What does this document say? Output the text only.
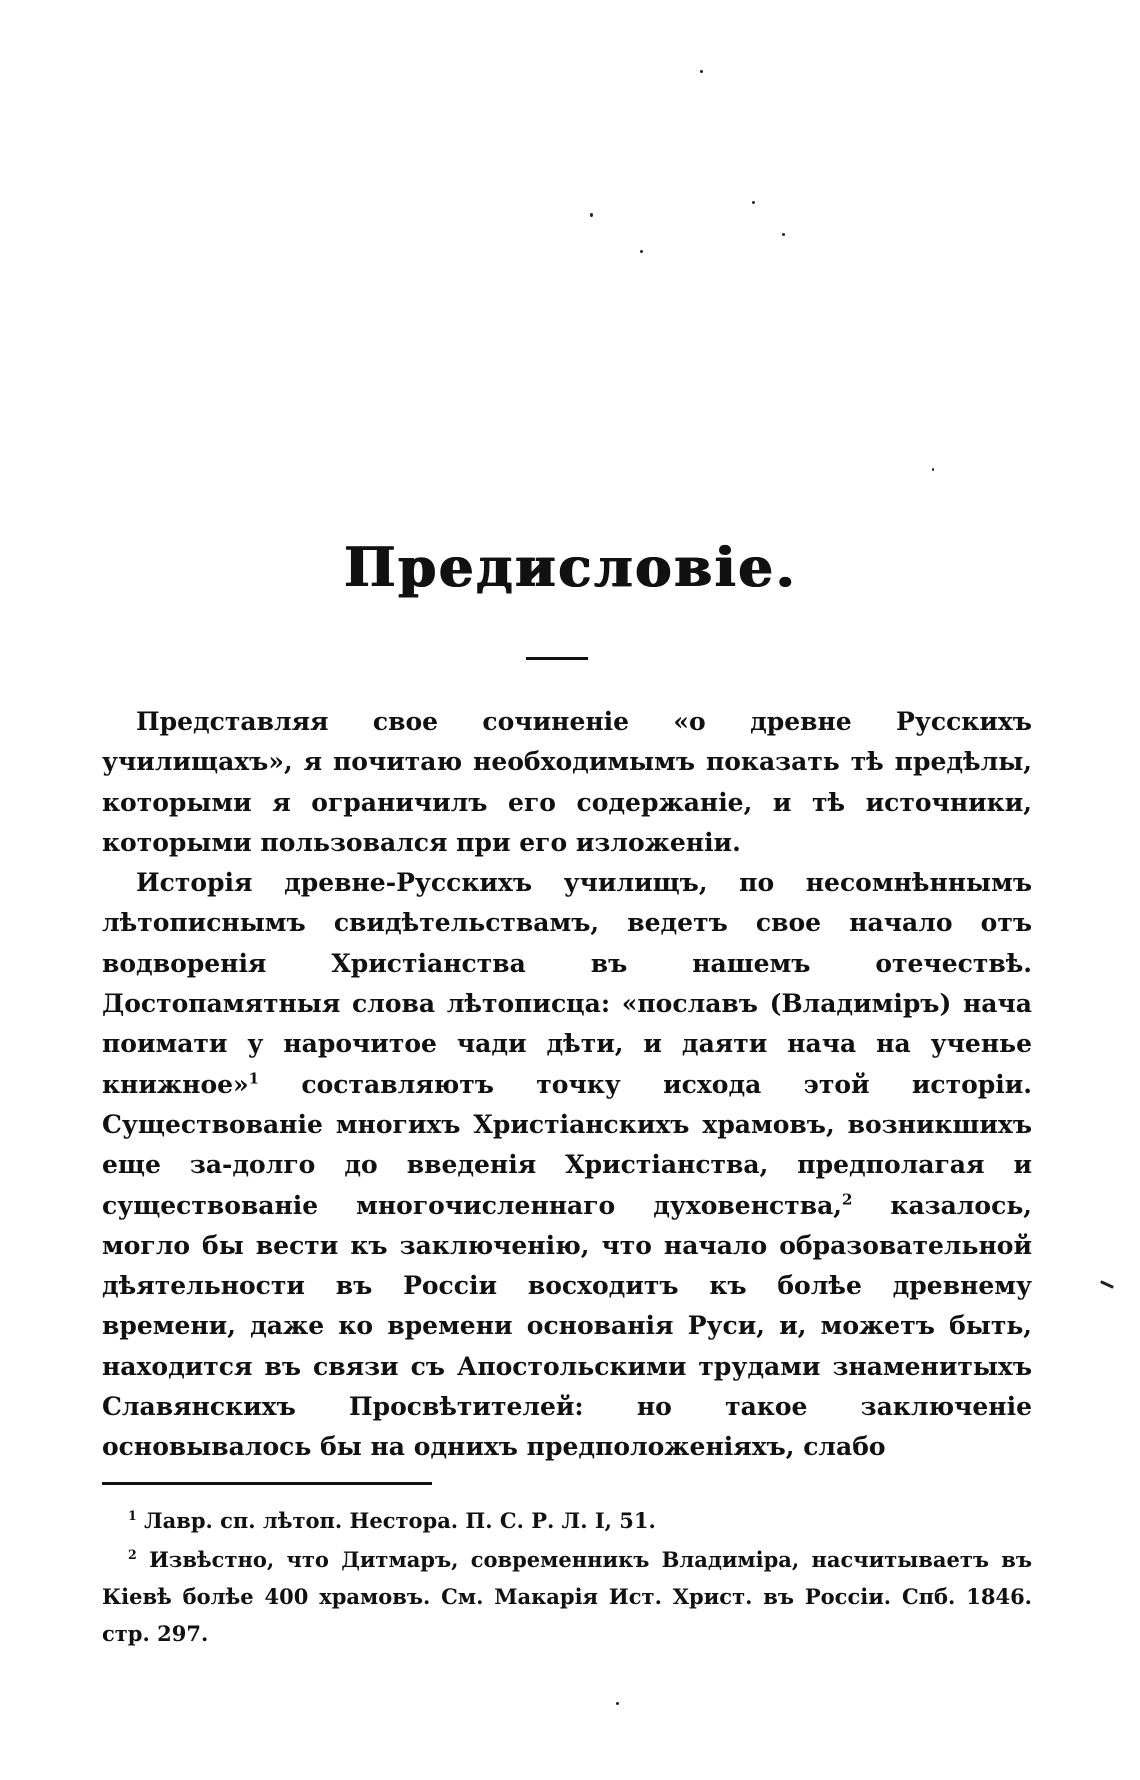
Предисловіе.

Представляя свое сочиненіе «о древне Русскихъ училищахъ», я почитаю необходимымъ показать тѣ предѣлы, которыми я ограничилъ его содержаніе, и тѣ источники, которыми пользовался при его изложеніи.

Исторія древне-Русскихъ училищъ, по несомнѣннымъ лѣтописнымъ свидѣтельствамъ, ведетъ свое начало отъ водворенія Христіанства въ нашемъ отечествѣ. Достопамятныя слова лѣтописца: «пославъ (Владиміръ) нача поимати у нарочитое чади дѣти, и даяти нача на ученье книжное»$^1$ составляютъ точку исхода этой исторіи. Существованіе многихъ Христіанскихъ храмовъ, возникшихъ еще за-долго до введенія Христіанства, предполагая и существованіе многочисленнаго духовенства,$^2$ казалось, могло бы вести къ заключенію, что начало образовательной дѣятельности въ Россіи восходитъ къ болѣе древнему времени, даже ко времени основанія Руси, и, можетъ быть, находится въ связи съ Апостольскими трудами знаменитыхъ Славянскихъ Просвѣтителей: но такое заключеніе основывалось бы на однихъ предположеніяхъ, слабо

$^1$ Лавр. сп. лѣтоп. Нестора. П. С. Р. Л. I, 51.

$^2$ Извѣстно, что Дитмаръ, современникъ Владиміра, насчитываетъ въ Кіевѣ болѣе 400 храмовъ. См. Макарія Ист. Христ. въ Россіи. Спб. 1846. стр. 297.
